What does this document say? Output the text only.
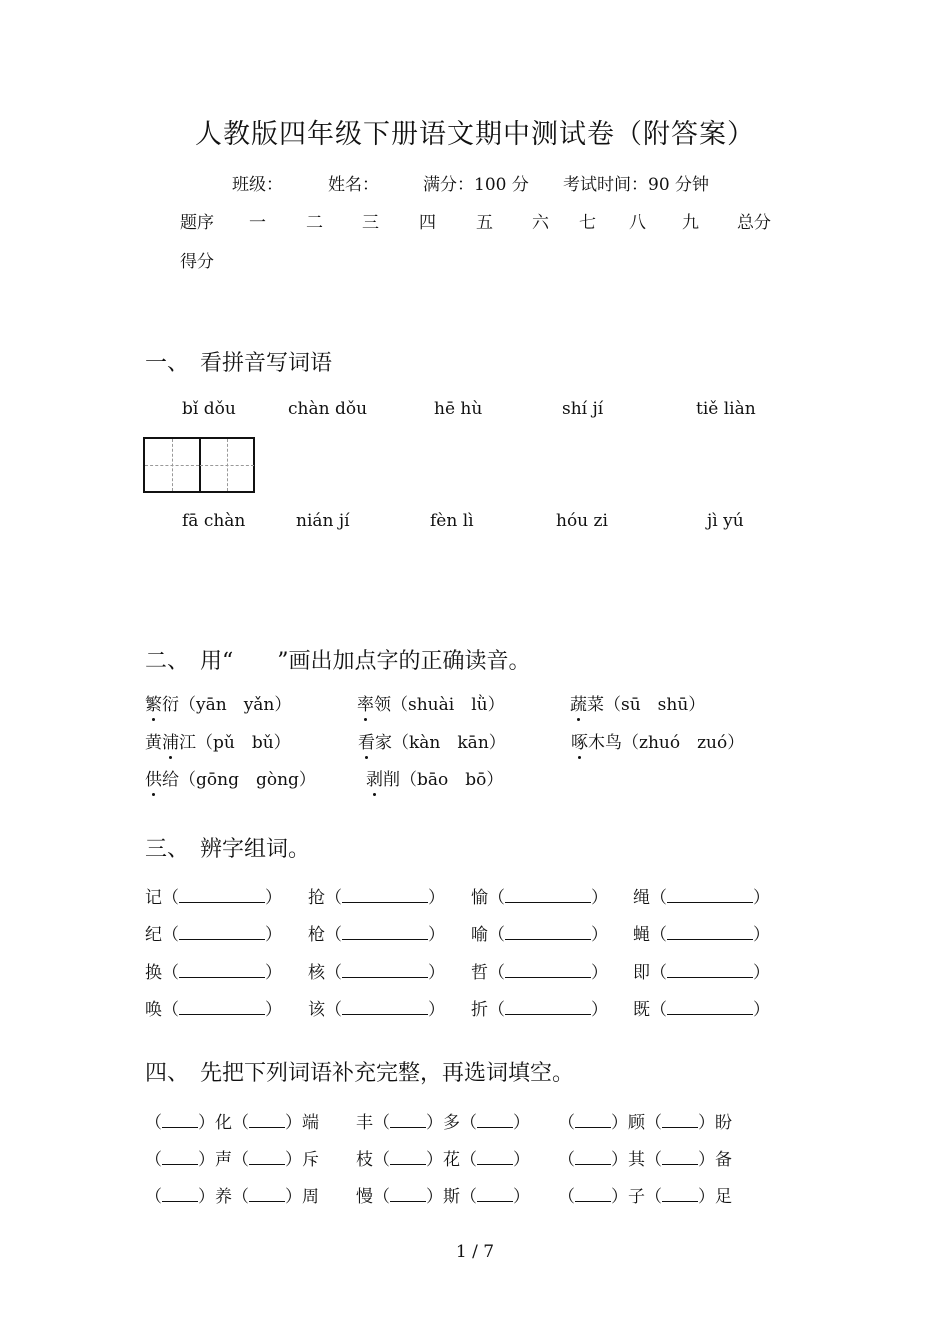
人教版四年级下册语文期中测试卷（附答案）
班级：	姓名：	满分：100 分 考试时间：90 分钟
题序 一 二 三 四 五 六 七 八 九 总分
得分
一、　看拼音写词语
bǐ dǒu	chàn dǒu	hē hù	shí jí	tiě liàn
fā chàn	nián jí	fèn lì	hóu zi	jì yú
二、　用“　　”画出加点字的正确读音。
繁衍（yān　yǎn）	率领（shuài　lǜ）	蔬菜（sū　shū）
黄浦江（pǔ　bǔ）	看家（kàn　kān）	啄木鸟（zhuó　zuó）
供给（gōng　gòng）	剥削（bāo　bō）
三、　辨字组词。
记（	） 抢（	） 愉（	） 绳（	）
纪（	） 枪（	） 喻（	） 蝇（	）
换（	） 核（	） 哲（	） 即（	）
唤（	） 该（	） 折（	） 既（	）
四、　先把下列词语补充完整，再选词填空。
（ ）化（ ）端 丰（ ）多（ ） （ ）顾（ ）盼
（ ）声（ ）斥 枝（ ）花（ ） （ ）其（ ）备
（ ）养（ ）周 慢（ ）斯（ ） （ ）子（ ）足
1 / 7
